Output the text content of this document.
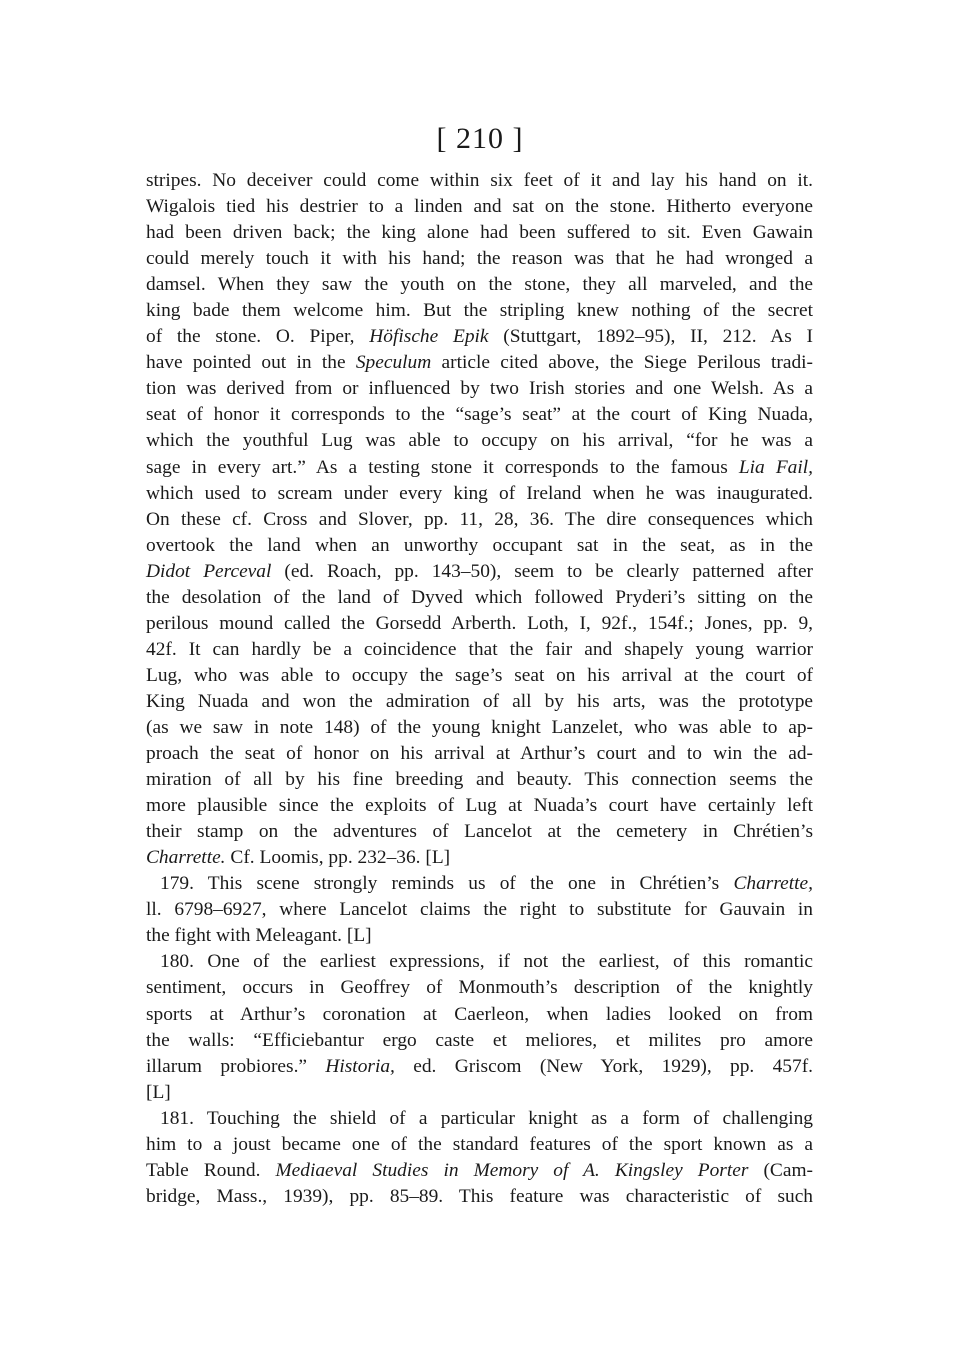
[ 210 ]
stripes. No deceiver could come within six feet of it and lay his hand on it.
Wigalois tied his destrier to a linden and sat on the stone. Hitherto everyone
had been driven back; the king alone had been suffered to sit. Even Gawain
could merely touch it with his hand; the reason was that he had wronged a
damsel. When they saw the youth on the stone, they all marveled, and the
king bade them welcome him. But the stripling knew nothing of the secret
of the stone. O. Piper, Höfische Epik (Stuttgart, 1892–95), II, 212. As I
have pointed out in the Speculum article cited above, the Siege Perilous tradi-
tion was derived from or influenced by two Irish stories and one Welsh. As a
seat of honor it corresponds to the “sage’s seat” at the court of King Nuada,
which the youthful Lug was able to occupy on his arrival, “for he was a
sage in every art.” As a testing stone it corresponds to the famous Lia Fail,
which used to scream under every king of Ireland when he was inaugurated.
On these cf. Cross and Slover, pp. 11, 28, 36. The dire consequences which
overtook the land when an unworthy occupant sat in the seat, as in the
Didot Perceval (ed. Roach, pp. 143–50), seem to be clearly patterned after
the desolation of the land of Dyved which followed Pryderi’s sitting on the
perilous mound called the Gorsedd Arberth. Loth, I, 92f., 154f.; Jones, pp. 9,
42f. It can hardly be a coincidence that the fair and shapely young warrior
Lug, who was able to occupy the sage’s seat on his arrival at the court of
King Nuada and won the admiration of all by his arts, was the prototype
(as we saw in note 148) of the young knight Lanzelet, who was able to ap-
proach the seat of honor on his arrival at Arthur’s court and to win the ad-
miration of all by his fine breeding and beauty. This connection seems the
more plausible since the exploits of Lug at Nuada’s court have certainly left
their stamp on the adventures of Lancelot at the cemetery in Chrétien’s
Charrette. Cf. Loomis, pp. 232–36. [L]
179. This scene strongly reminds us of the one in Chrétien’s Charrette,
ll. 6798–6927, where Lancelot claims the right to substitute for Gauvain in
the fight with Meleagant. [L]
180. One of the earliest expressions, if not the earliest, of this romantic
sentiment, occurs in Geoffrey of Monmouth’s description of the knightly
sports at Arthur’s coronation at Caerleon, when ladies looked on from
the walls: “Efficiebantur ergo caste et meliores, et milites pro amore
illarum probiores.” Historia, ed. Griscom (New York, 1929), pp. 457f.
[L]
181. Touching the shield of a particular knight as a form of challenging
him to a joust became one of the standard features of the sport known as a
Table Round. Mediaeval Studies in Memory of A. Kingsley Porter (Cam-
bridge, Mass., 1939), pp. 85–89. This feature was characteristic of such
